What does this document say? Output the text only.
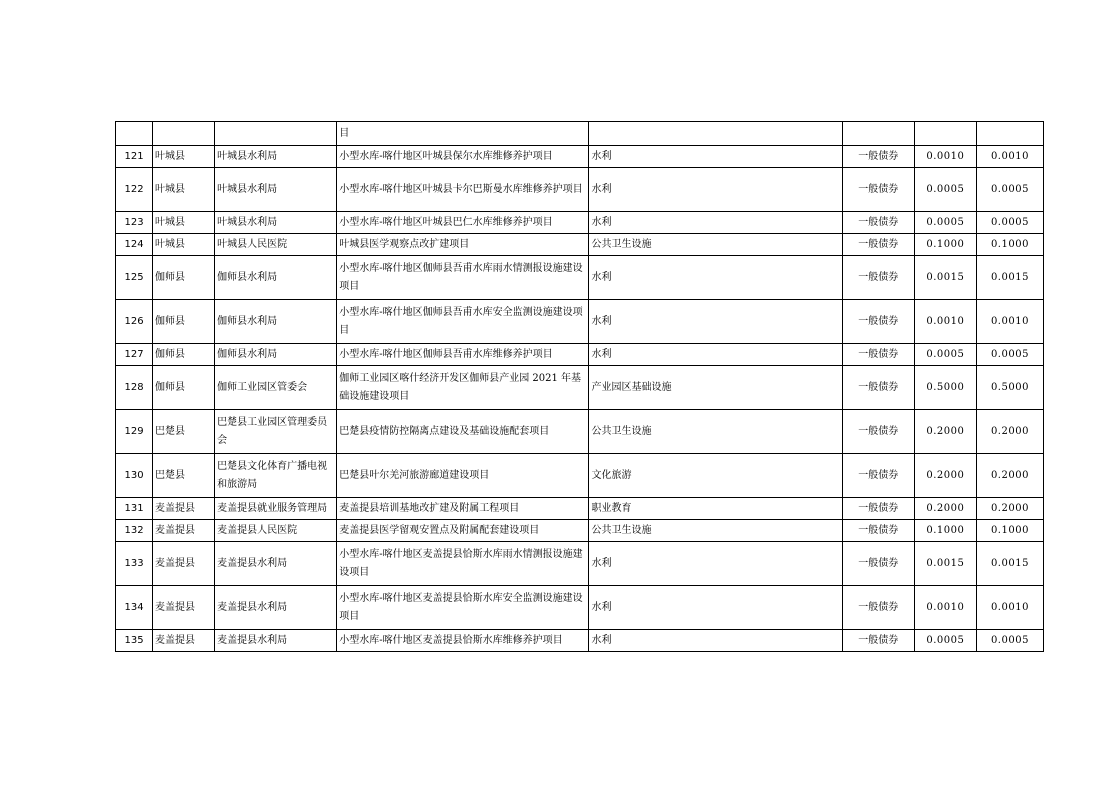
			目				
121	叶城县	叶城县水利局	小型水库-喀什地区叶城县保尔水库维修养护项目	水利	一般债券	0.0010	0.0010
122	叶城县	叶城县水利局	小型水库-喀什地区叶城县卡尔巴斯曼水库维修养护项目	水利	一般债券	0.0005	0.0005
123	叶城县	叶城县水利局	小型水库-喀什地区叶城县巴仁水库维修养护项目	水利	一般债券	0.0005	0.0005
124	叶城县	叶城县人民医院	叶城县医学观察点改扩建项目	公共卫生设施	一般债券	0.1000	0.1000
125	伽师县	伽师县水利局	小型水库-喀什地区伽师县吾甫水库雨水情测报设施建设项目	水利	一般债券	0.0015	0.0015
126	伽师县	伽师县水利局	小型水库-喀什地区伽师县吾甫水库安全监测设施建设项目	水利	一般债券	0.0010	0.0010
127	伽师县	伽师县水利局	小型水库-喀什地区伽师县吾甫水库维修养护项目	水利	一般债券	0.0005	0.0005
128	伽师县	伽师工业园区管委会	伽师工业园区喀什经济开发区伽师县产业园 2021 年基础设施建设项目	产业园区基础设施	一般债券	0.5000	0.5000
129	巴楚县	巴楚县工业园区管理委员会	巴楚县疫情防控隔离点建设及基础设施配套项目	公共卫生设施	一般债券	0.2000	0.2000
130	巴楚县	巴楚县文化体育广播电视和旅游局	巴楚县叶尔羌河旅游廊道建设项目	文化旅游	一般债券	0.2000	0.2000
131	麦盖提县	麦盖提县就业服务管理局	麦盖提县培训基地改扩建及附属工程项目	职业教育	一般债券	0.2000	0.2000
132	麦盖提县	麦盖提县人民医院	麦盖提县医学留观安置点及附属配套建设项目	公共卫生设施	一般债券	0.1000	0.1000
133	麦盖提县	麦盖提县水利局	小型水库-喀什地区麦盖提县恰斯水库雨水情测报设施建设项目	水利	一般债券	0.0015	0.0015
134	麦盖提县	麦盖提县水利局	小型水库-喀什地区麦盖提县恰斯水库安全监测设施建设项目	水利	一般债券	0.0010	0.0010
135	麦盖提县	麦盖提县水利局	小型水库-喀什地区麦盖提县恰斯水库维修养护项目	水利	一般债券	0.0005	0.0005
